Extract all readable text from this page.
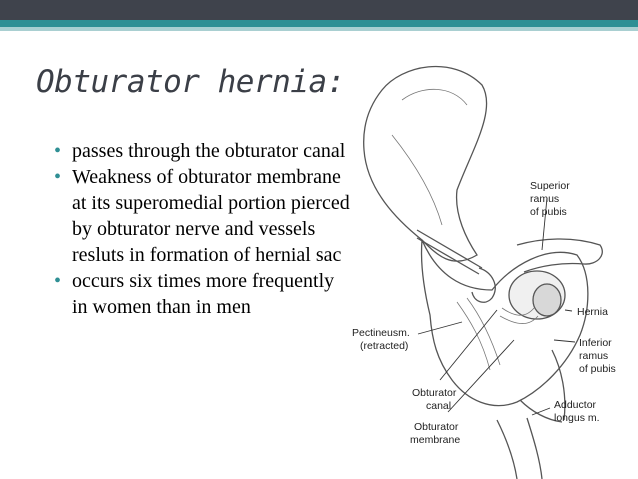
Obturator hernia:
• passes through the obturator canal
• Weakness of obturator membrane at its superomedial portion pierced by obturator nerve and vessels resluts in formation of hernial sac
• occurs six times more frequently in women than in men
Superior ramus of pubis
Hernia
Pectineusm. (retracted)	Inferior ramus of pubis
Obturator canal	Adductor longus m.
Obturator membrane
